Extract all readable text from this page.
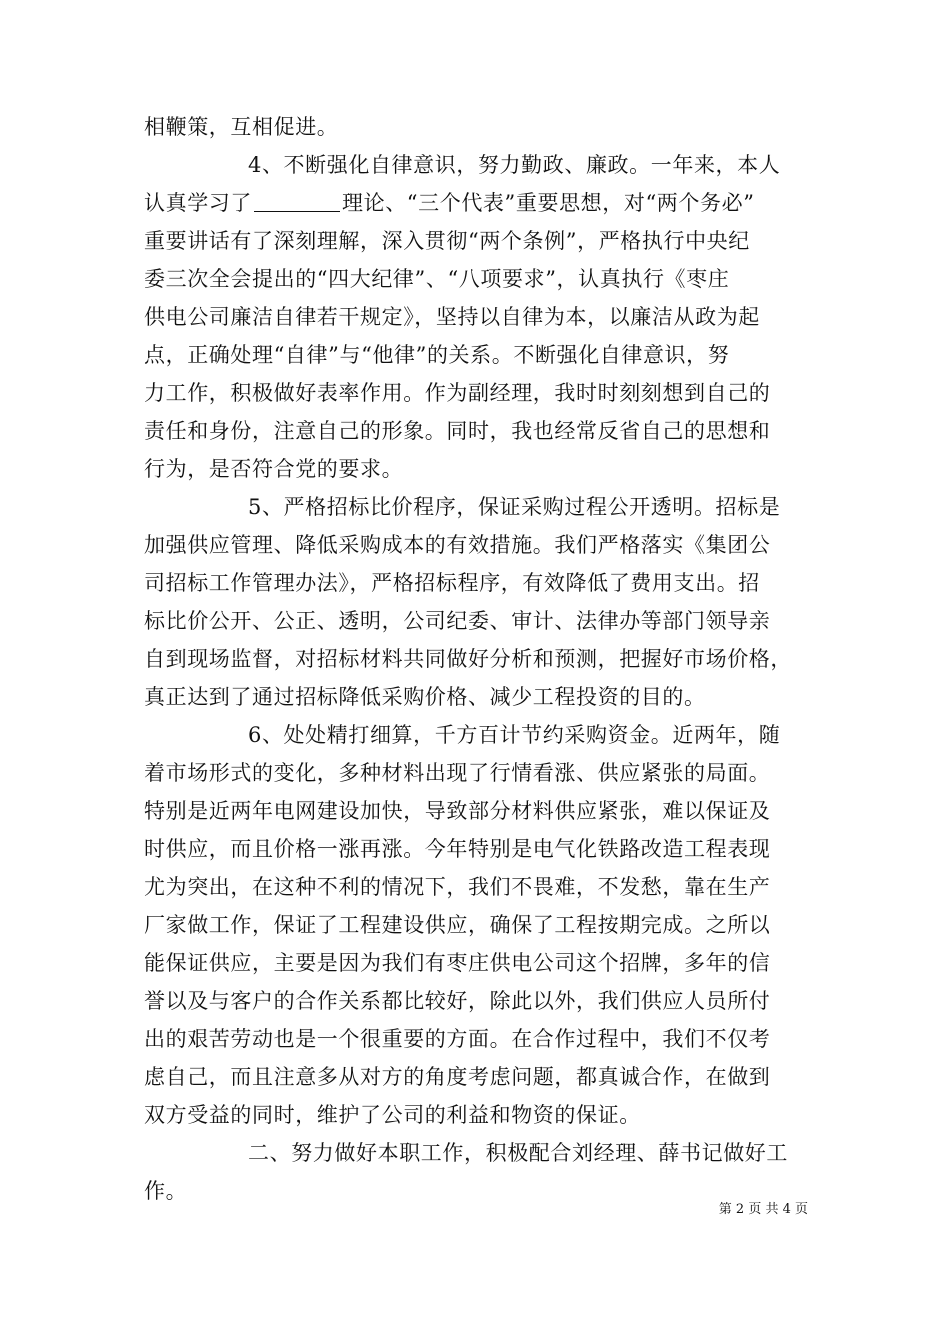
相鞭策，互相促进。
4、不断强化自律意识，努力勤政、廉政。一年来，本人
认真学习了	理论、“三个代表”重要思想，对“两个务必”
重要讲话有了深刻理解，深入贯彻“两个条例”，严格执行中央纪
委三次全会提出的“四大纪律”、“八项要求”，认真执行《枣庄
供电公司廉洁自律若干规定》，坚持以自律为本，以廉洁从政为起
点，正确处理“自律”与“他律”的关系。不断强化自律意识，努
力工作，积极做好表率作用。作为副经理，我时时刻刻想到自己的
责任和身份，注意自己的形象。同时，我也经常反省自己的思想和
行为，是否符合党的要求。
5、严格招标比价程序，保证采购过程公开透明。招标是
加强供应管理、降低采购成本的有效措施。我们严格落实《集团公
司招标工作管理办法》，严格招标程序，有效降低了费用支出。招
标比价公开、公正、透明，公司纪委、审计、法律办等部门领导亲
自到现场监督，对招标材料共同做好分析和预测，把握好市场价格，
真正达到了通过招标降低采购价格、减少工程投资的目的。
6、处处精打细算，千方百计节约采购资金。近两年，随
着市场形式的变化，多种材料出现了行情看涨、供应紧张的局面。
特别是近两年电网建设加快，导致部分材料供应紧张，难以保证及
时供应，而且价格一涨再涨。今年特别是电气化铁路改造工程表现
尤为突出，在这种不利的情况下，我们不畏难，不发愁，靠在生产
厂家做工作，保证了工程建设供应，确保了工程按期完成。之所以
能保证供应，主要是因为我们有枣庄供电公司这个招牌，多年的信
誉以及与客户的合作关系都比较好，除此以外，我们供应人员所付
出的艰苦劳动也是一个很重要的方面。在合作过程中，我们不仅考
虑自己，而且注意多从对方的角度考虑问题，都真诚合作，在做到
双方受益的同时，维护了公司的利益和物资的保证。
二、努力做好本职工作，积极配合刘经理、薛书记做好工
作。
第 2 页 共 4 页
